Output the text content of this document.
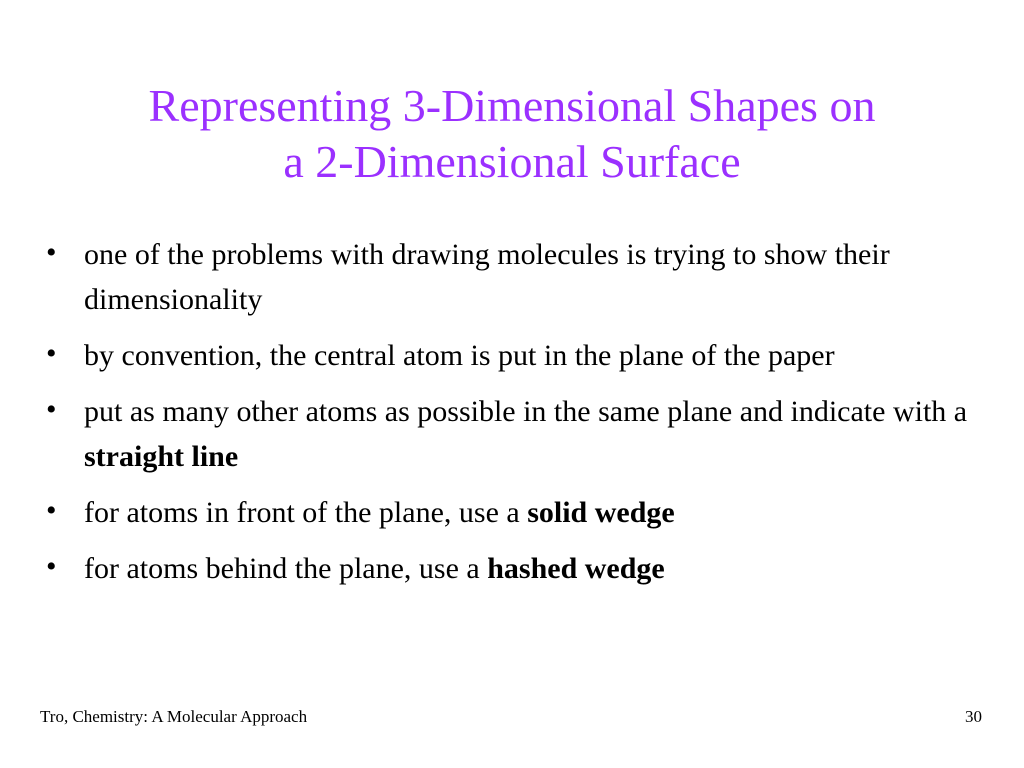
Representing 3-Dimensional Shapes on
a 2-Dimensional Surface
• one of the problems with drawing molecules is trying to show their dimensionality
• by convention, the central atom is put in the plane of the paper
• put as many other atoms as possible in the same plane and indicate with a straight line
• for atoms in front of the plane, use a solid wedge
• for atoms behind the plane, use a hashed wedge
Tro, Chemistry: A Molecular Approach	30
